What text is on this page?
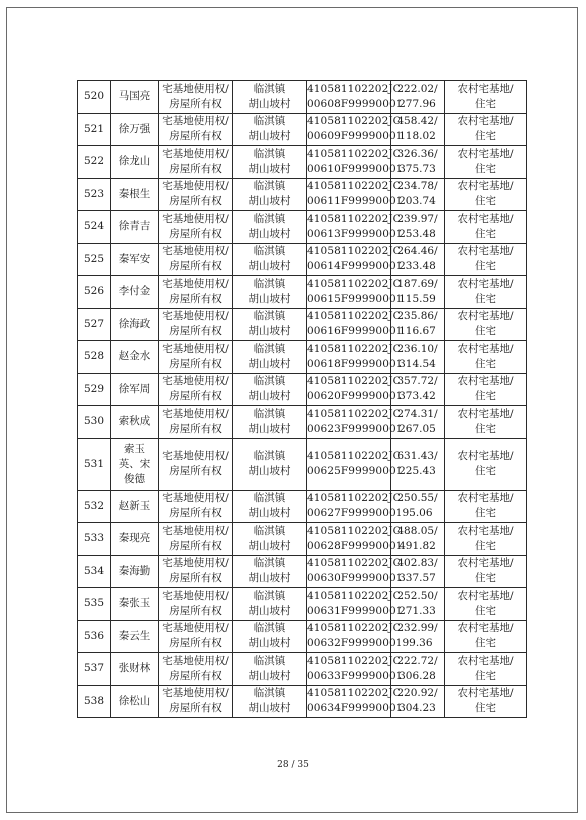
520	马国亮	宅基地使用权/
房屋所有权	临淇镇
胡山坡村	410581102202JC
00608F99990001	222.02/
277.96	农村宅基地/
住宅

521	徐万强	宅基地使用权/
房屋所有权	临淇镇
胡山坡村	410581102202JC
00609F99990001	458.42/
118.02	农村宅基地/
住宅

522	徐龙山	宅基地使用权/
房屋所有权	临淇镇
胡山坡村	410581102202JC
00610F99990001	326.36/
375.73	农村宅基地/
住宅

523	秦根生	宅基地使用权/
房屋所有权	临淇镇
胡山坡村	410581102202JC
00611F99990001	234.78/
203.74	农村宅基地/
住宅

524	徐青吉	宅基地使用权/
房屋所有权	临淇镇
胡山坡村	410581102202JC
00613F99990001	239.97/
253.48	农村宅基地/
住宅

525	秦军安	宅基地使用权/
房屋所有权	临淇镇
胡山坡村	410581102202JC
00614F99990001	264.46/
233.48	农村宅基地/
住宅

526	李付金	宅基地使用权/
房屋所有权	临淇镇
胡山坡村	410581102202JC
00615F99990001	187.69/
115.59	农村宅基地/
住宅

527	徐海政	宅基地使用权/
房屋所有权	临淇镇
胡山坡村	410581102202JC
00616F99990001	235.86/
116.67	农村宅基地/
住宅

528	赵金水	宅基地使用权/
房屋所有权	临淇镇
胡山坡村	410581102202JC
00618F99990001	236.10/
314.54	农村宅基地/
住宅

529	徐军周	宅基地使用权/
房屋所有权	临淇镇
胡山坡村	410581102202JC
00620F99990001	357.72/
373.42	农村宅基地/
住宅

530	索秋成	宅基地使用权/
房屋所有权	临淇镇
胡山坡村	410581102202JC
00623F99990001	274.31/
267.05	农村宅基地/
住宅

531	索玉
英、宋
俊德	宅基地使用权/
房屋所有权	临淇镇
胡山坡村	410581102202JC
00625F99990001	631.43/
225.43	农村宅基地/
住宅

532	赵新玉	宅基地使用权/
房屋所有权	临淇镇
胡山坡村	410581102202JC
00627F99990001	250.55/
95.06	农村宅基地/
住宅

533	秦现亮	宅基地使用权/
房屋所有权	临淇镇
胡山坡村	410581102202JC
00628F99990001	488.05/
491.82	农村宅基地/
住宅

534	秦海勤	宅基地使用权/
房屋所有权	临淇镇
胡山坡村	410581102202JC
00630F99990001	402.83/
337.57	农村宅基地/
住宅

535	秦张玉	宅基地使用权/
房屋所有权	临淇镇
胡山坡村	410581102202JC
00631F99990001	252.50/
271.33	农村宅基地/
住宅

536	秦云生	宅基地使用权/
房屋所有权	临淇镇
胡山坡村	410581102202JC
00632F99990001	232.99/
99.36	农村宅基地/
住宅

537	张财林	宅基地使用权/
房屋所有权	临淇镇
胡山坡村	410581102202JC
00633F99990001	222.72/
306.28	农村宅基地/
住宅

538	徐松山	宅基地使用权/
房屋所有权	临淇镇
胡山坡村	410581102202JC
00634F99990001	220.92/
304.23	农村宅基地/
住宅
28 / 35
